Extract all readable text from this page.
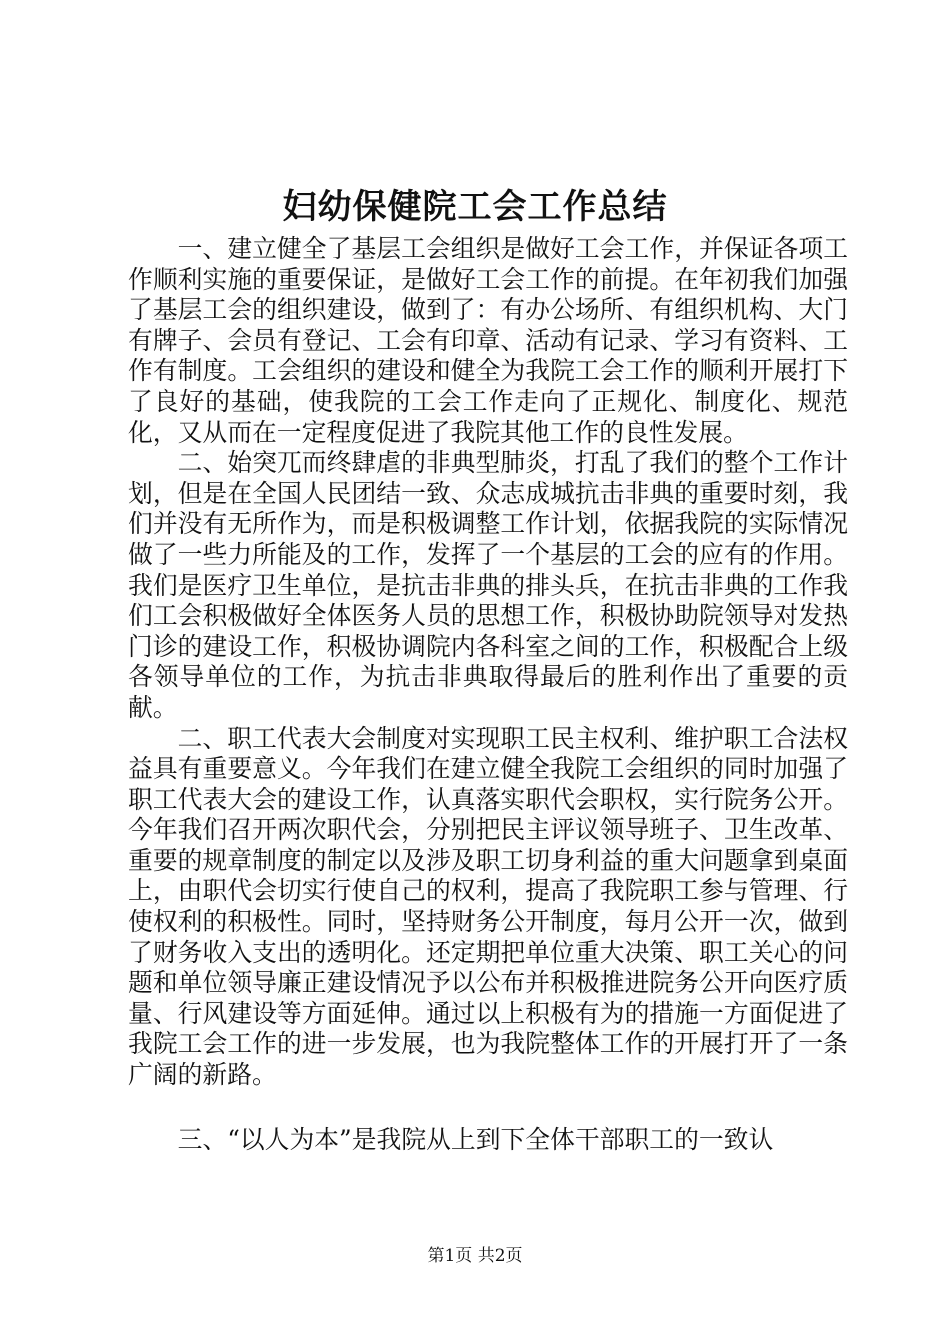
妇幼保健院工会工作总结

一、建立健全了基层工会组织是做好工会工作，并保证各项工作顺利实施的重要保证，是做好工会工作的前提。在年初我们加强了基层工会的组织建设，做到了：有办公场所、有组织机构、大门有牌子、会员有登记、工会有印章、活动有记录、学习有资料、工作有制度。工会组织的建设和健全为我院工会工作的顺利开展打下了良好的基础，使我院的工会工作走向了正规化、制度化、规范化，又从而在一定程度促进了我院其他工作的良性发展。

二、始突兀而终肆虐的非典型肺炎，打乱了我们的整个工作计划，但是在全国人民团结一致、众志成城抗击非典的重要时刻，我们并没有无所作为，而是积极调整工作计划，依据我院的实际情况做了一些力所能及的工作，发挥了一个基层的工会的应有的作用。我们是医疗卫生单位，是抗击非典的排头兵，在抗击非典的工作我们工会积极做好全体医务人员的思想工作，积极协助院领导对发热门诊的建设工作，积极协调院内各科室之间的工作，积极配合上级各领导单位的工作，为抗击非典取得最后的胜利作出了重要的贡献。

二、职工代表大会制度对实现职工民主权利、维护职工合法权益具有重要意义。今年我们在建立健全我院工会组织的同时加强了职工代表大会的建设工作，认真落实职代会职权，实行院务公开。今年我们召开两次职代会，分别把民主评议领导班子、卫生改革、重要的规章制度的制定以及涉及职工切身利益的重大问题拿到桌面上，由职代会切实行使自己的权利，提高了我院职工参与管理、行使权利的积极性。同时，坚持财务公开制度，每月公开一次，做到了财务收入支出的透明化。还定期把单位重大决策、职工关心的问题和单位领导廉正建设情况予以公布并积极推进院务公开向医疗质量、行风建设等方面延伸。通过以上积极有为的措施一方面促进了我院工会工作的进一步发展，也为我院整体工作的开展打开了一条广阔的新路。

三、“以人为本”是我院从上到下全体干部职工的一致认

第1页 共2页
